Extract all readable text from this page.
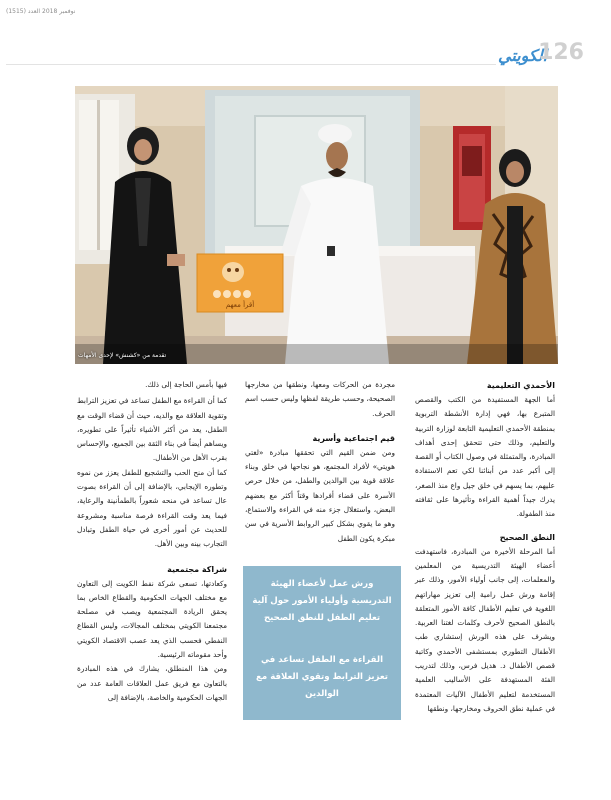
نوفمبر 2018 العدد (1515)
الكويتي
126
أقرأ معهم
تقدمة من «كشنش» لإحدى الأمهات
الأحمدي التعليمية

أما الجهة المستفيدة من الكتب والقصص المتبرع بها، فهي إدارة الأنشطة التربوية بمنطقة الأحمدي التعليمية التابعة لوزارة التربية والتعليم، وذلك حتى تتحقق إحدى أهداف المبادرة، والمتمثلة في وصول الكتاب أو القصة إلى أكبر عدد من أبنائنا لكي تعم الاستفادة عليهم، بما يسهم في خلق جيل واع منذ الصغر، يدرك جيداً أهمية القراءة وتأثيرها على ثقافته منذ الطفولة.

النطق الصحيح

أما المرحلة الأخيرة من المبادرة، فاستهدفت أعضاء الهيئة التدريسية من المعلمين والمعلمات، إلى جانب أولياء الأمور، وذلك عبر إقامة ورش عمل رامية إلى تعزيز مهاراتهم اللغوية في تعليم الأطفال كافة الأمور المتعلقة بالنطق الصحيح لأحرف وكلمات لغتنا العربية. ويشرف على هذه الورش إستشاري طب الأطفال التطوري بمستشفى الأحمدي وكاتبة قصص الأطفال د. هديل فرس، وذلك لتدريب الفئة المستهدفة على الأساليب العلمية المستخدمة لتعليم الأطفال الآليات المعتمدة في عملية نطق الحروف ومخارجها، ونطقها

مجردة من الحركات ومعها، ونطقها من مخارجها الصحيحة، وحسب طريقة لفظها وليس حسب اسم الحرف.

قيم اجتماعية وأسرية

ومن ضمن القيم التي تحققها مبادرة «لغتي هويتي» لأفراد المجتمع، هو نجاحها في خلق وبناء علاقة قوية بين الوالدين والطفل، من خلال حرص الأسرة على قضاء أفرادها وقتاً أكثر مع بعضهم البعض، واستغلال جزء منه في القراءة والاستماع، وهو ما يقوي بشكل كبير الروابط الأسرية في سن مبكرة يكون الطفل

ورش عمل لأعضاء الهيئة التدريسية وأولياء الأمور حول آلية تعليم الطفل للنطق الصحيح
القراءة مع الطفل تساعد في تعزيز الترابط وتقوي العلاقة مع الوالدين

فيها بأمس الحاجة إلى ذلك.

كما أن القراءة مع الطفل تساعد في تعزيز الترابط وتقوية العلاقة مع والديه، حيث أن قضاء الوقت مع الطفل، يعد من أكثر الأشياء تأثيراً على تطويره، ويساهم أيضاً في بناء الثقة بين الجميع، والإحساس بقرب الأهل من الأطفال.

كما أن منح الحب والتشجيع للطفل يعزز من نموه وتطوره الإيجابي، بالإضافة إلى أن القراءة بصوت عال تساعد في منحه شعوراً بالطمأنينة والرعاية، فيما يعد وقت القراءة فرصة مناسبة ومشروعة للحديث عن أمور أخرى في حياة الطفل وتبادل التجارب بينه وبين الأهل.

شراكة مجتمعية

وكعادتها، تسعى شركة نفط الكويت إلى التعاون مع مختلف الجهات الحكومية والقطاع الخاص بما يحقق الريادة المجتمعية ويصب في مصلحة مجتمعنا الكويتي بمختلف المجالات، وليس القطاع النفطي فحسب الذي يعد عصب الاقتصاد الكويتي وأحد مقوماته الرئيسية.

ومن هذا المنطلق، يشارك في هذه المبادرة بالتعاون مع فريق عمل العلاقات العامة عدد من الجهات الحكومية والخاصة، بالإضافة إلى
